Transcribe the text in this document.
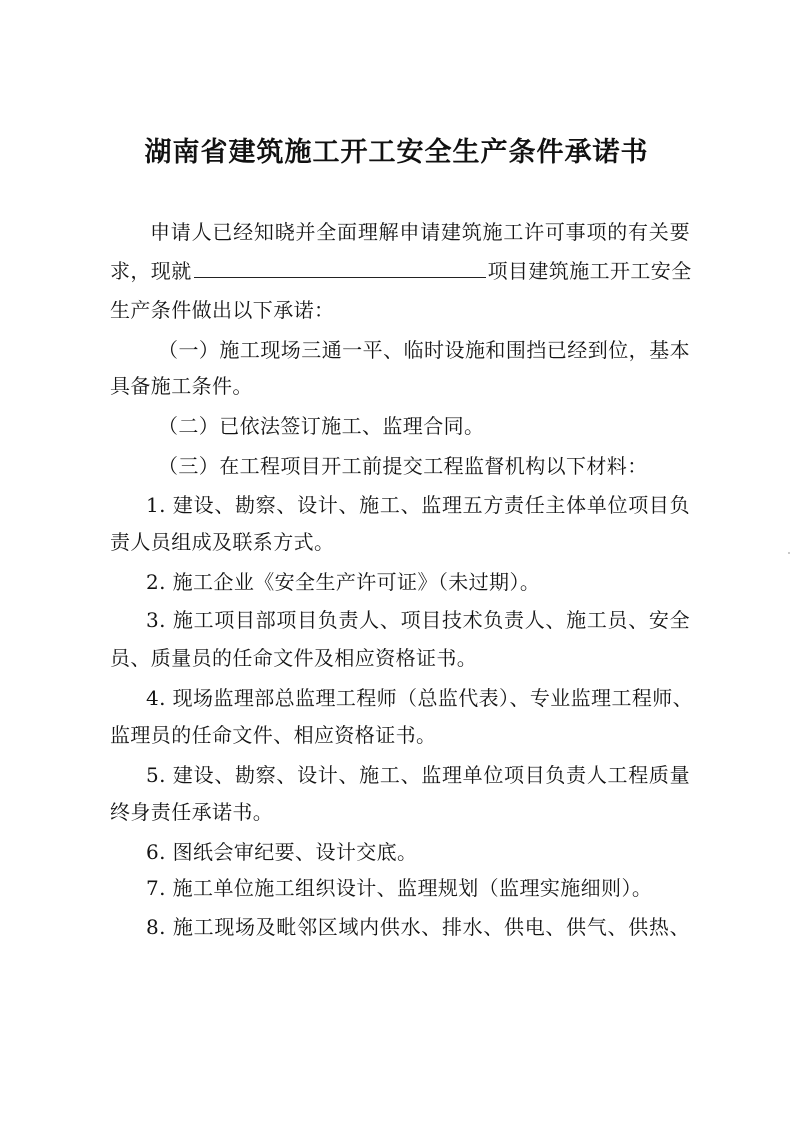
湖南省建筑施工开工安全生产条件承诺书
申请人已经知晓并全面理解申请建筑施工许可事项的有关要
求，现就	项目建筑施工开工安全
生产条件做出以下承诺：
（一）施工现场三通一平、临时设施和围挡已经到位，基本
具备施工条件。
（二）已依法签订施工、监理合同。
（三）在工程项目开工前提交工程监督机构以下材料：
1. 建设、勘察、设计、施工、监理五方责任主体单位项目负
责人员组成及联系方式。
2. 施工企业《安全生产许可证》（未过期）。
3. 施工项目部项目负责人、项目技术负责人、施工员、安全
员、质量员的任命文件及相应资格证书。
4. 现场监理部总监理工程师（总监代表）、专业监理工程师、
监理员的任命文件、相应资格证书。
5. 建设、勘察、设计、施工、监理单位项目负责人工程质量
终身责任承诺书。
6. 图纸会审纪要、设计交底。
7. 施工单位施工组织设计、监理规划（监理实施细则）。
8. 施工现场及毗邻区域内供水、排水、供电、供气、供热、
